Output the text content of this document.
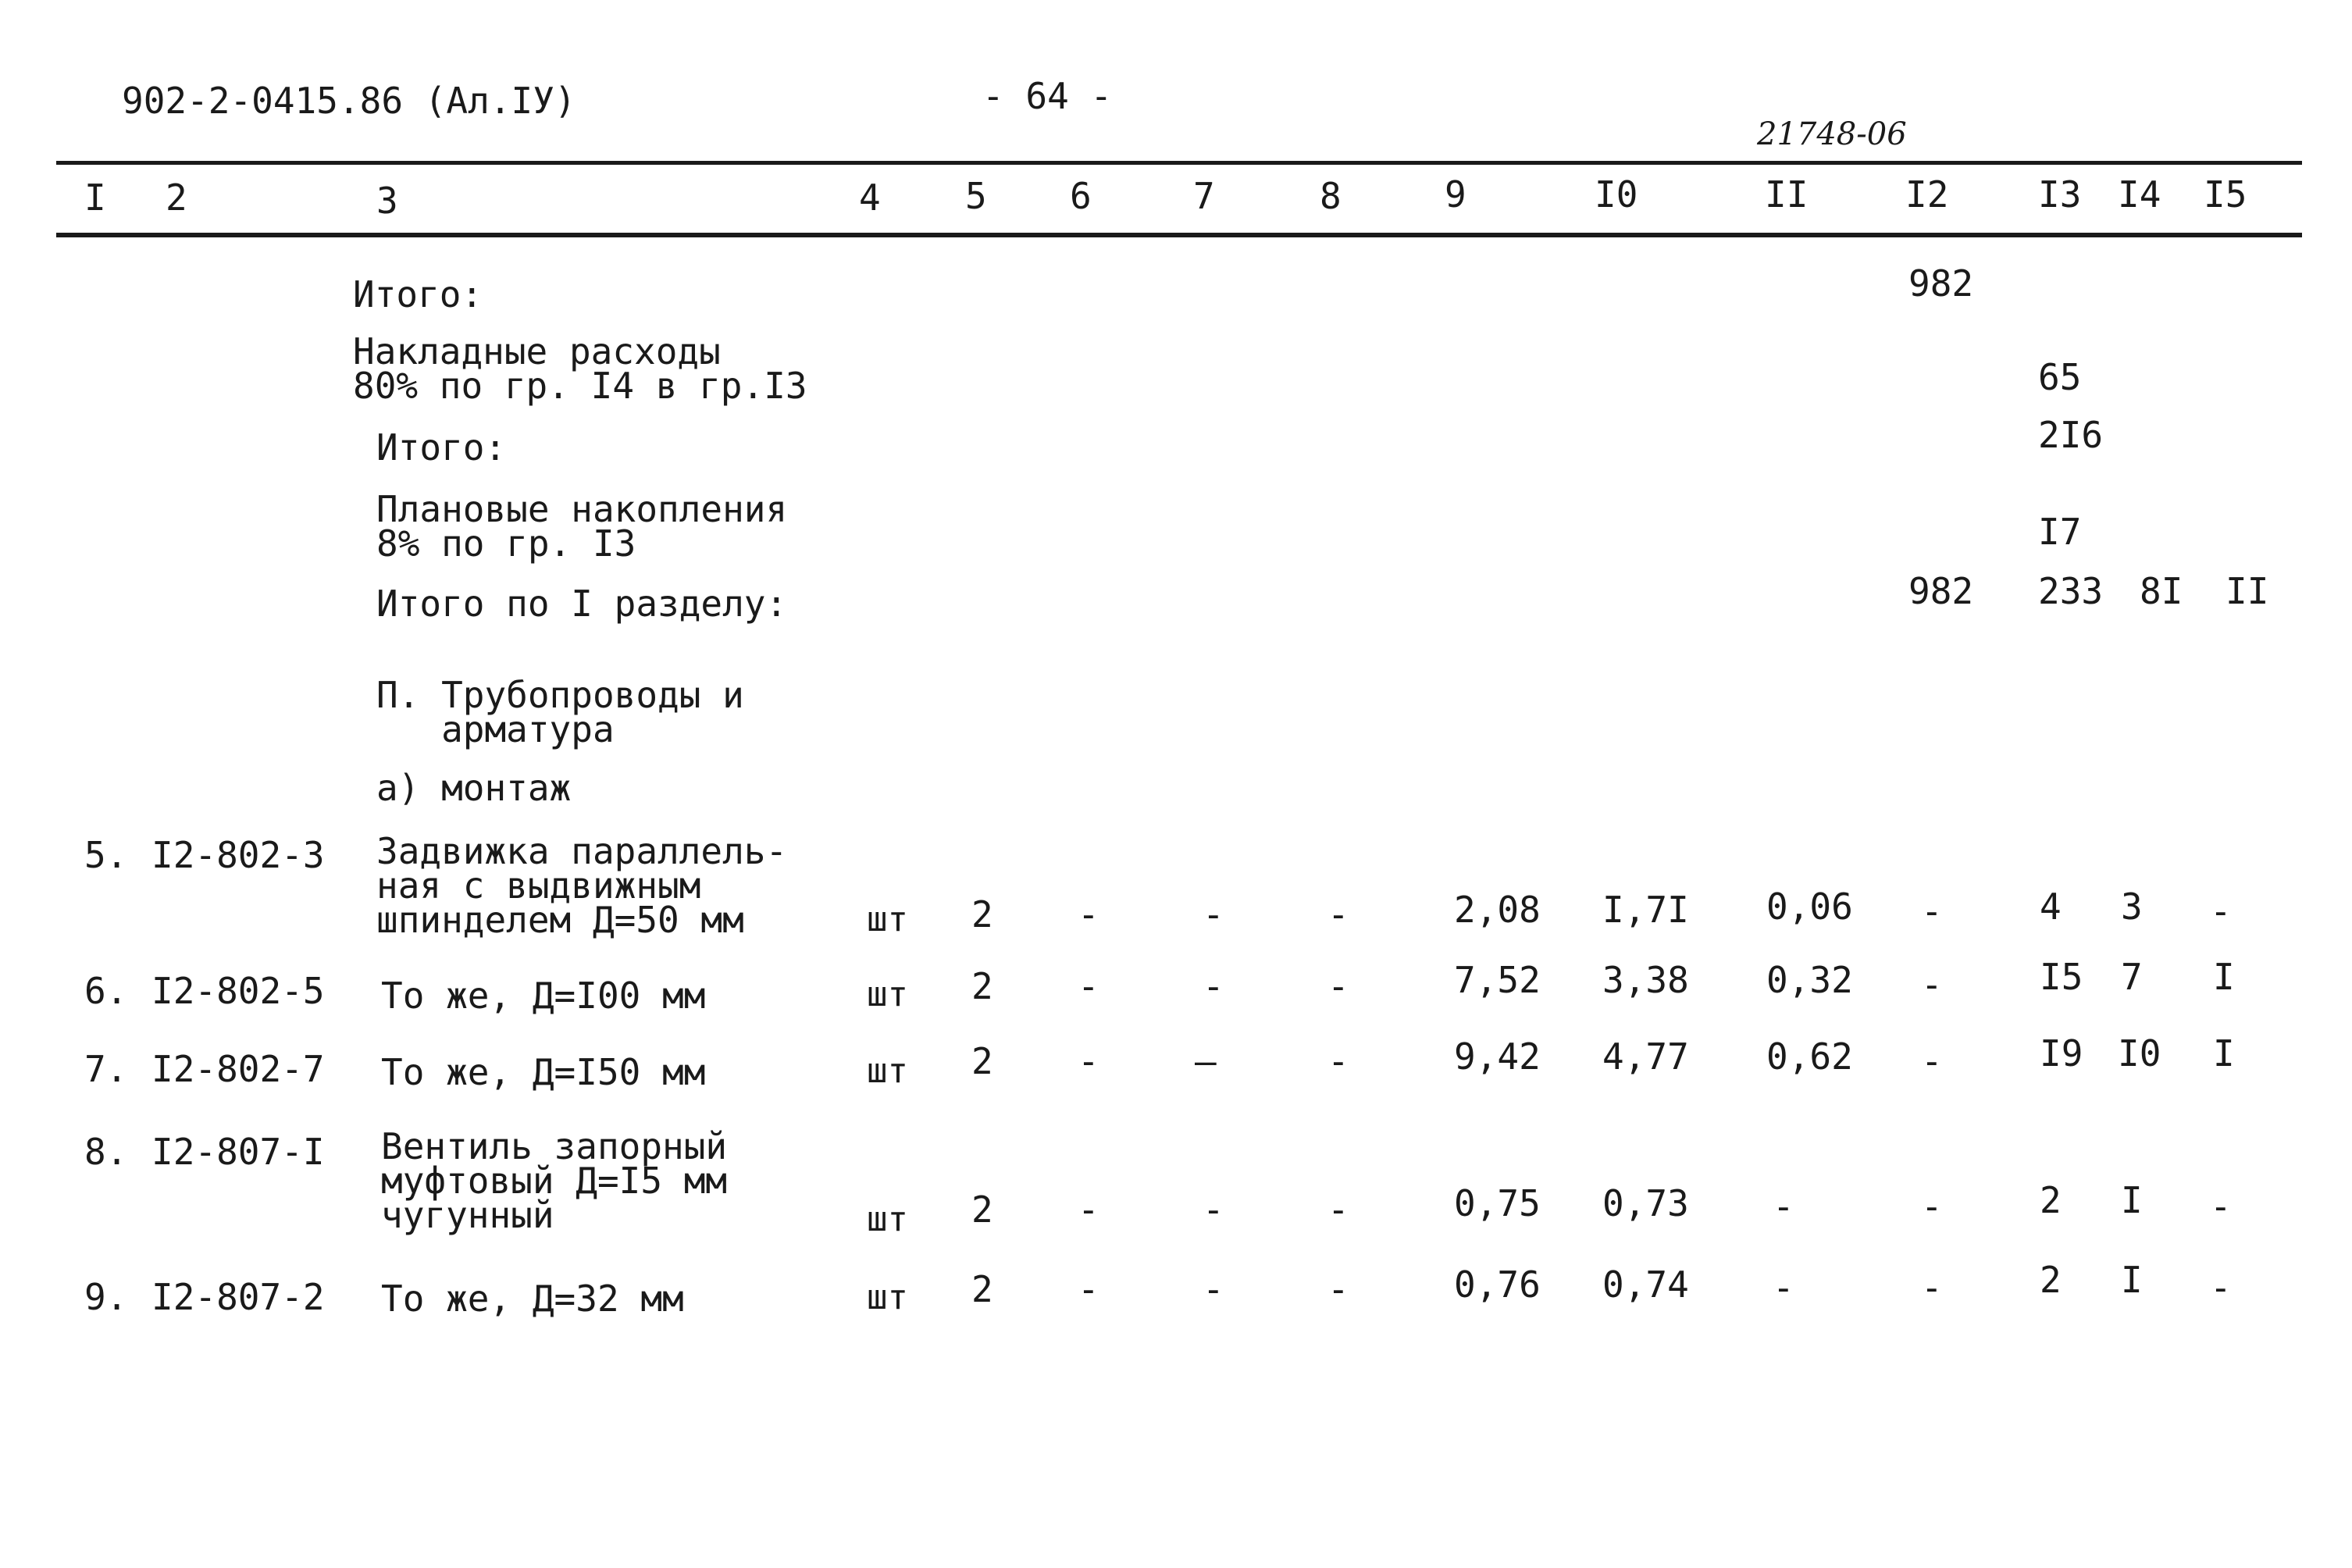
902-2-0415.86 (Ал.IУ)	- 64 -
21748-06
I 2	3	4 5 6	7	8	9	I0	II	I2 I3 I4 I5
Итого:	982
Накладные расходы
80% по гр. I4 в гр.I3	65
Итого:	2I6
Плановые накопления
8% по гр. I3	I7
Итого по I разделу:	982 233 8I II
П. Трубопроводы и
арматура
а) монтаж
5. I2-802-3 Задвижка параллель-
ная с выдвижным
шпинделем Д=50 мм	шт 2 -	-	-	2,08 I,7I 0,06 -	4 3 -
6. I2-802-5 То же, Д=I00 мм	шт 2 -	-	-	7,52 3,38 0,32 -	I5 7 I
7. I2-802-7 То же, Д=I50 мм	шт 2 -	—	-	9,42 4,77 0,62 -	I9 I0 I
8. I2-807-I Вентиль запорный
муфтовый Д=I5 мм
чугунный	шт 2 -	-	-	0,75 0,73 -	-	2 I -
9. I2-807-2 То же, Д=32 мм	шт 2 -	-	-	0,76 0,74 -	-	2 I -
